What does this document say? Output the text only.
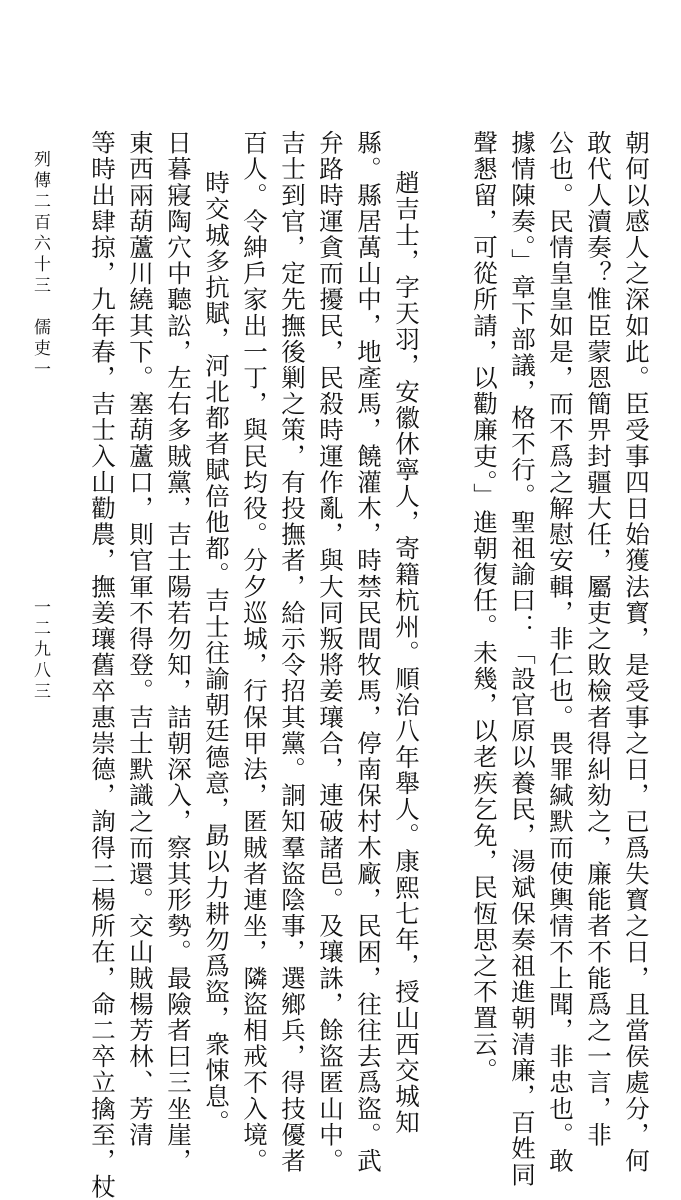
朝何以感人之深如此。臣受事四日始獲法寳，是受事之日，已爲失寳之日，且當侯處分，何
敢代人瀆奏？惟臣蒙恩簡畀封疆大任，屬吏之敗檢者得糾劾之，廉能者不能爲之一言，非
公也。民情皇皇如是，而不爲之解慰安輯，非仁也。畏罪緘默而使輿情不上聞，非忠也。敢
據情陳奏。」章下部議，格不行。聖祖諭曰：「設官原以養民，湯斌保奏祖進朝清廉，百姓同
聲懇留，可從所請，以勸廉吏。」進朝復任。未幾，以老疾乞免，民恆思之不置云。
趙吉士，字天羽，安徽休寧人，寄籍杭州。順治八年舉人。康熙七年，授山西交城知
縣。縣居萬山中，地產馬，饒灌木，時禁民間牧馬，停南保村木廠，民困，往往去爲盜。武
弁路時運貪而擾民，民殺時運作亂，與大同叛將姜瓖合，連破諸邑。及瓖誅，餘盜匿山中。
吉士到官，定先撫後剿之策，有投撫者，給示令招其黨。詗知羣盜陰事，選鄉兵，得技優者
百人。令紳戶家出一丁，與民均役。分夕巡城，行保甲法，匿賊者連坐，隣盜相戒不入境。
時交城多抗賦，河北都者賦倍他都。吉士往諭朝廷德意，勗以力耕勿爲盜，衆悚息。
日暮寢陶穴中聽訟，左右多賊黨，吉士陽若勿知，詰朝深入，察其形勢。最險者曰三坐崖，
東西兩葫蘆川繞其下。塞葫蘆口，則官軍不得登。吉士默識之而還。交山賊楊芳林、芳清
等時出肆掠，九年春，吉士入山勸農，撫姜瓖舊卒惠崇德，詢得二楊所在，命二卒立擒至，杖
一二九八三
列傳二百六十三　儒吏一
